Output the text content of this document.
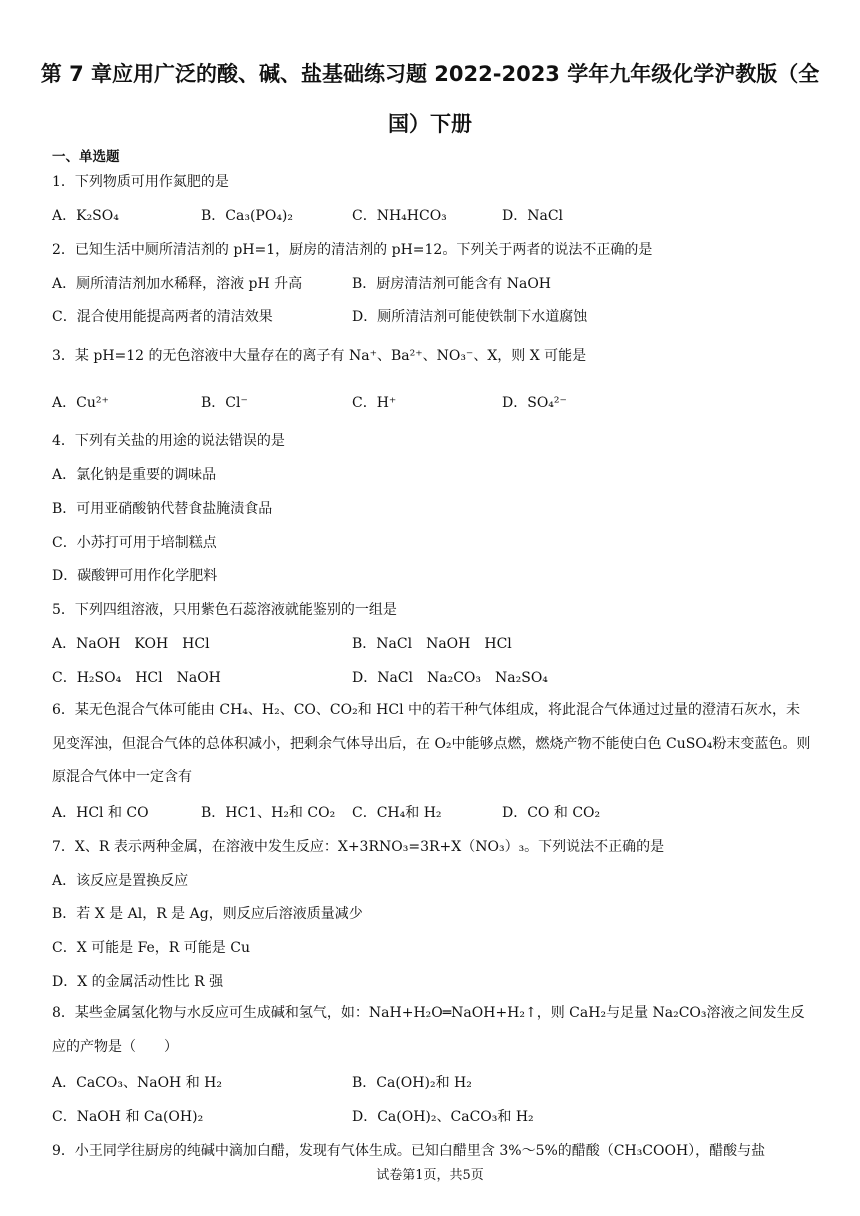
第 7 章应用广泛的酸、碱、盐基础练习题 2022-2023 学年九年级化学沪教版（全
国）下册
一、单选题
1．下列物质可用作氮肥的是
A．K₂SO₄	B．Ca₃(PO₄)₂	C．NH₄HCO₃	D．NaCl
2．已知生活中厕所清洁剂的 pH=1，厨房的清洁剂的 pH=12。下列关于两者的说法不正确的是
A．厕所清洁剂加水稀释，溶液 pH 升高	B．厨房清洁剂可能含有 NaOH
C．混合使用能提高两者的清洁效果	D．厕所清洁剂可能使铁制下水道腐蚀
3．某 pH=12 的无色溶液中大量存在的离子有 Na⁺、Ba²⁺、NO₃⁻、X，则 X 可能是
A．Cu²⁺	B．Cl⁻	C．H⁺	D．SO₄²⁻
4．下列有关盐的用途的说法错误的是
A．氯化钠是重要的调味品
B．可用亚硝酸钠代替食盐腌渍食品
C．小苏打可用于培制糕点
D．碳酸钾可用作化学肥料
5．下列四组溶液，只用紫色石蕊溶液就能鉴别的一组是
A．NaOH　KOH　HCl	B．NaCl　NaOH　HCl
C．H₂SO₄　HCl　NaOH	D．NaCl　Na₂CO₃　Na₂SO₄
6．某无色混合气体可能由 CH₄、H₂、CO、CO₂和 HCl 中的若干种气体组成，将此混合气体通过过量的澄清石灰水，未见变浑浊，但混合气体的总体积减小，把剩余气体导出后，在 O₂中能够点燃，燃烧产物不能使白色 CuSO₄粉末变蓝色。则原混合气体中一定含有
A．HCl 和 CO	B．HC1、H₂和 CO₂ C．CH₄和 H₂	D．CO 和 CO₂
7．X、R 表示两种金属，在溶液中发生反应：X+3RNO₃=3R+X（NO₃）₃。下列说法不正确的是
A．该反应是置换反应
B．若 X 是 Al，R 是 Ag，则反应后溶液质量减少
C．X 可能是 Fe，R 可能是 Cu
D．X 的金属活动性比 R 强
8．某些金属氢化物与水反应可生成碱和氢气，如：NaH+H₂O═NaOH+H₂↑，则 CaH₂与足量 Na₂CO₃溶液之间发生反应的产物是（　　）
A．CaCO₃、NaOH 和 H₂	B．Ca(OH)₂和 H₂
C．NaOH 和 Ca(OH)₂	D．Ca(OH)₂、CaCO₃和 H₂
9．小王同学往厨房的纯碱中滴加白醋，发现有气体生成。已知白醋里含 3%～5%的醋酸（CH₃COOH），醋酸与盐
试卷第1页，共5页
